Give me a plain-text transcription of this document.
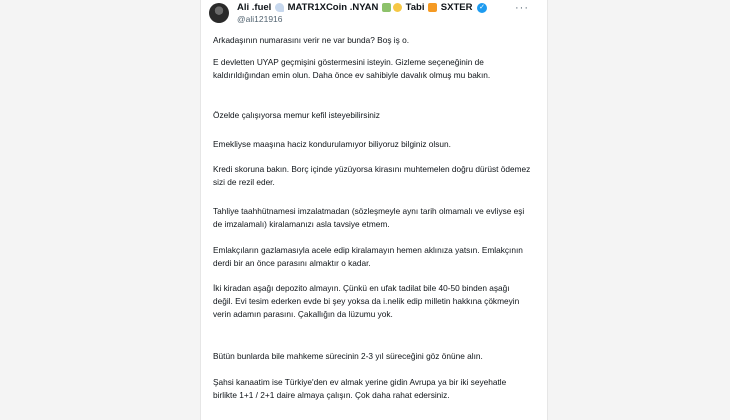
Ali .fuel MATR1XCoin .NYAN	Tabi SXTER ✓
@ali121916
···

Arkadaşının numarasını verir ne var bunda? Boş iş o.

E devletten UYAP geçmişini göstermesini isteyin. Gizleme seçeneğinin de kaldırıldığından emin olun. Daha önce ev sahibiyle davalık olmuş mu bakın.

Özelde çalışıyorsa memur kefil isteyebilirsiniz

Emekliyse maaşına haciz kondurulamıyor biliyoruz bilginiz olsun.

Kredi skoruna bakın. Borç içinde yüzüyorsa kirasını muhtemelen doğru dürüst ödemez sizi de rezil eder.

Tahliye taahhütnamesi imzalatmadan (sözleşmeyle aynı tarih olmamalı ve evliyse eşi de imzalamalı) kiralamanızı asla tavsiye etmem.

Emlakçıların gazlamasıyla acele edip kiralamayın hemen aklınıza yatsın. Emlakçının derdi bir an önce parasını almaktır o kadar.

İki kiradan aşağı depozito almayın. Çünkü en ufak tadilat bile 40-50 binden aşağı değil. Evi tesim ederken evde bi şey yoksa da i.nelik edip milletin hakkına çökmeyin verin adamın parasını. Çakallığın da lüzumu yok.

Bütün bunlarda bile mahkeme sürecinin 2-3 yıl süreceğini göz önüne alın.

Şahsi kanaatim ise Türkiye'den ev almak yerine gidin Avrupa ya bir iki seyehatle birlikte 1+1 / 2+1 daire almaya çalışın. Çok daha rahat edersiniz.
